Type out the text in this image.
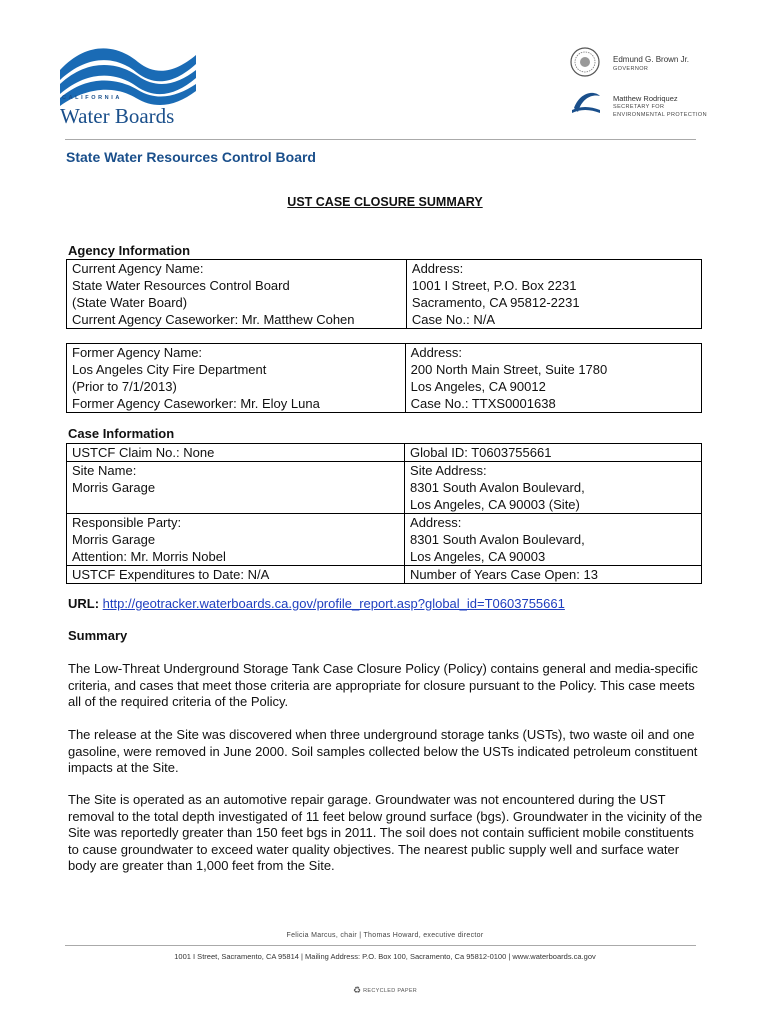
CALIFORNIA
Water Boards
Edmund G. Brown Jr.
GOVERNOR
Matthew Rodriquez
SECRETARY FOR
ENVIRONMENTAL PROTECTION
State Water Resources Control Board
UST CASE CLOSURE SUMMARY
Agency Information
Current Agency Name:
State Water Resources Control Board
(State Water Board)
Current Agency Caseworker: Mr. Matthew Cohen

Address:
1001 I Street, P.O. Box 2231
Sacramento, CA 95812-2231
Case No.: N/A
Former Agency Name:
Los Angeles City Fire Department
(Prior to 7/1/2013)
Former Agency Caseworker: Mr. Eloy Luna

Address:
200 North Main Street, Suite 1780
Los Angeles, CA 90012
Case No.: TTXS0001638
Case Information
USTCF Claim No.: None	Global ID: T0603755661

Site Name:
Morris Garage	Site Address:
8301 South Avalon Boulevard,
Los Angeles, CA 90003 (Site)

Responsible Party:
Morris Garage
Attention: Mr. Morris Nobel	Address:
8301 South Avalon Boulevard,
Los Angeles, CA 90003

USTCF Expenditures to Date: N/A	Number of Years Case Open: 13
URL: http://geotracker.waterboards.ca.gov/profile_report.asp?global_id=T0603755661
Summary
The Low-Threat Underground Storage Tank Case Closure Policy (Policy) contains general and media-specific criteria, and cases that meet those criteria are appropriate for closure pursuant to the Policy. This case meets all of the required criteria of the Policy.
The release at the Site was discovered when three underground storage tanks (USTs), two waste oil and one gasoline, were removed in June 2000. Soil samples collected below the USTs indicated petroleum constituent impacts at the Site.
The Site is operated as an automotive repair garage. Groundwater was not encountered during the UST removal to the total depth investigated of 11 feet below ground surface (bgs). Groundwater in the vicinity of the Site was reportedly greater than 150 feet bgs in 2011. The soil does not contain sufficient mobile constituents to cause groundwater to exceed water quality objectives. The nearest public supply well and surface water body are greater than 1,000 feet from the Site.
Felicia Marcus, chair | Thomas Howard, executive director
1001 I Street, Sacramento, CA 95814 | Mailing Address: P.O. Box 100, Sacramento, Ca 95812-0100 | www.waterboards.ca.gov
♻ RECYCLED PAPER
